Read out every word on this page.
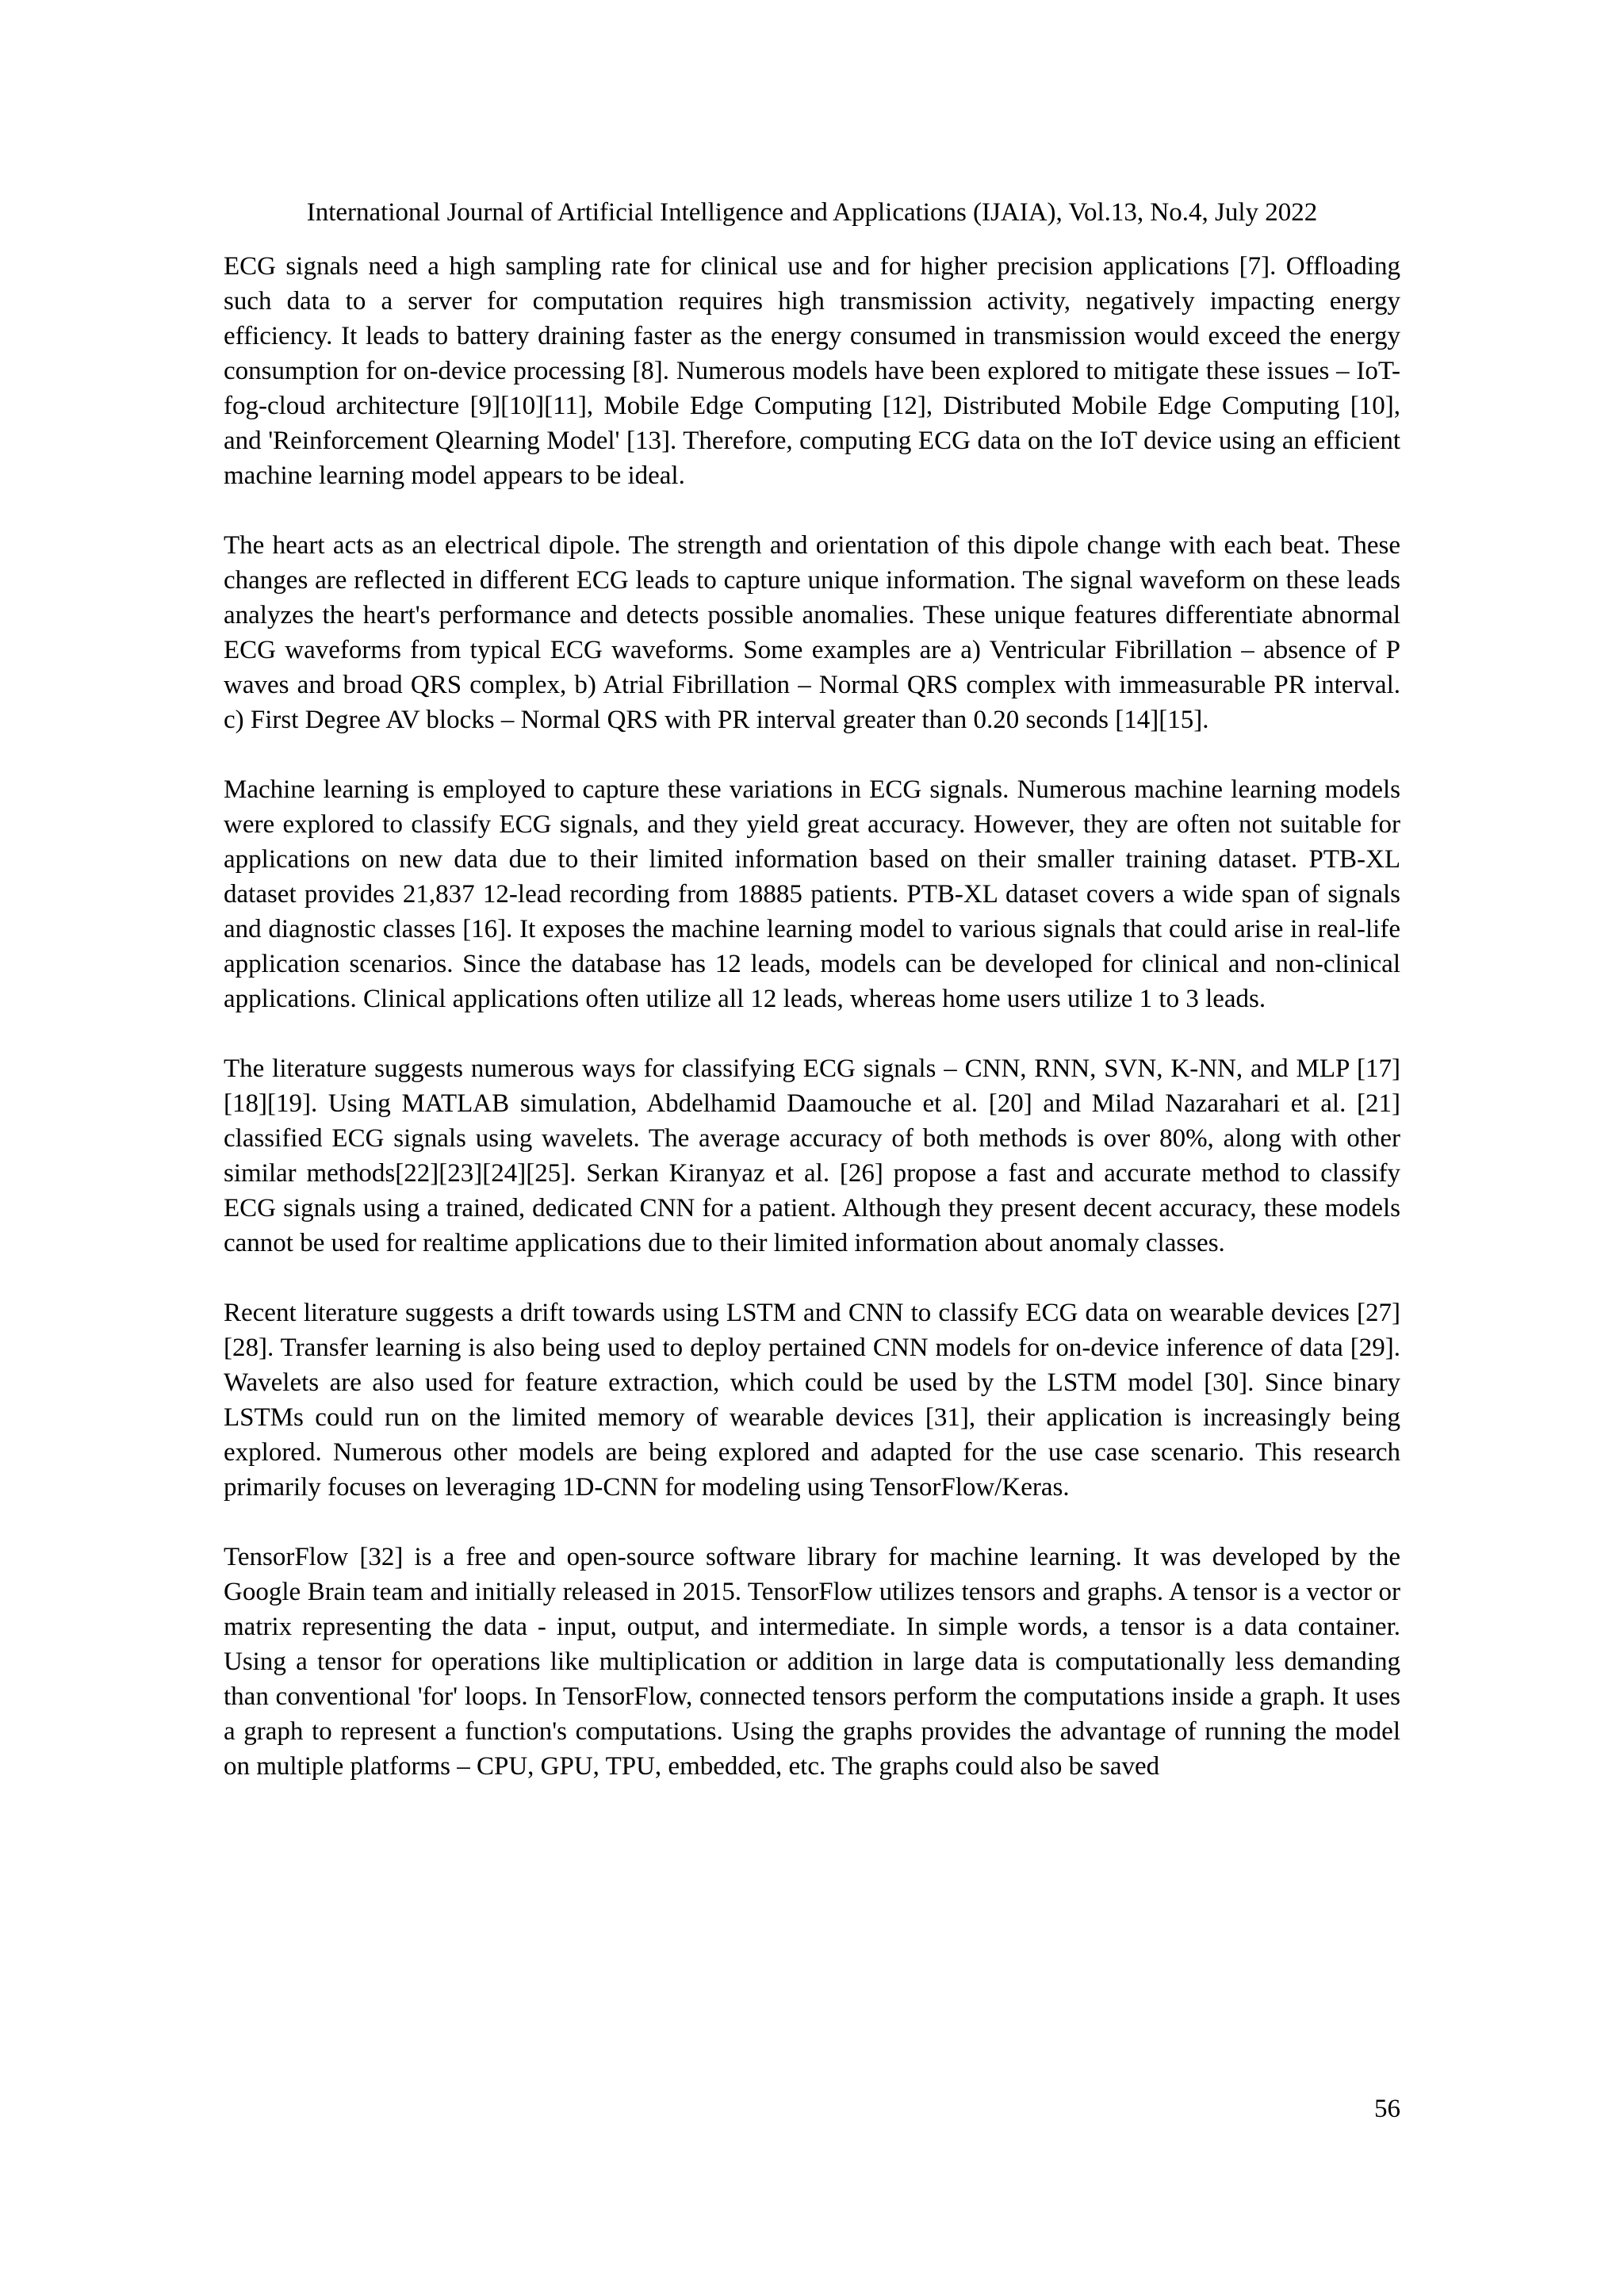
International Journal of Artificial Intelligence and Applications (IJAIA), Vol.13, No.4, July 2022

ECG signals need a high sampling rate for clinical use and for higher precision applications [7]. Offloading such data to a server for computation requires high transmission activity, negatively impacting energy efficiency. It leads to battery draining faster as the energy consumed in transmission would exceed the energy consumption for on-device processing [8]. Numerous models have been explored to mitigate these issues – IoT-fog-cloud architecture [9][10][11], Mobile Edge Computing [12], Distributed Mobile Edge Computing [10], and 'Reinforcement Qlearning Model' [13]. Therefore, computing ECG data on the IoT device using an efficient machine learning model appears to be ideal.

The heart acts as an electrical dipole. The strength and orientation of this dipole change with each beat. These changes are reflected in different ECG leads to capture unique information. The signal waveform on these leads analyzes the heart's performance and detects possible anomalies. These unique features differentiate abnormal ECG waveforms from typical ECG waveforms. Some examples are a) Ventricular Fibrillation – absence of P waves and broad QRS complex, b) Atrial Fibrillation – Normal QRS complex with immeasurable PR interval. c) First Degree AV blocks – Normal QRS with PR interval greater than 0.20 seconds [14][15].

Machine learning is employed to capture these variations in ECG signals. Numerous machine learning models were explored to classify ECG signals, and they yield great accuracy. However, they are often not suitable for applications on new data due to their limited information based on their smaller training dataset. PTB-XL dataset provides 21,837 12-lead recording from 18885 patients. PTB-XL dataset covers a wide span of signals and diagnostic classes [16]. It exposes the machine learning model to various signals that could arise in real-life application scenarios. Since the database has 12 leads, models can be developed for clinical and non-clinical applications. Clinical applications often utilize all 12 leads, whereas home users utilize 1 to 3 leads.

The literature suggests numerous ways for classifying ECG signals – CNN, RNN, SVN, K-NN, and MLP [17][18][19]. Using MATLAB simulation, Abdelhamid Daamouche et al. [20] and Milad Nazarahari et al. [21] classified ECG signals using wavelets. The average accuracy of both methods is over 80%, along with other similar methods[22][23][24][25]. Serkan Kiranyaz et al. [26] propose a fast and accurate method to classify ECG signals using a trained, dedicated CNN for a patient. Although they present decent accuracy, these models cannot be used for realtime applications due to their limited information about anomaly classes.

Recent literature suggests a drift towards using LSTM and CNN to classify ECG data on wearable devices [27][28]. Transfer learning is also being used to deploy pertained CNN models for on-device inference of data [29]. Wavelets are also used for feature extraction, which could be used by the LSTM model [30]. Since binary LSTMs could run on the limited memory of wearable devices [31], their application is increasingly being explored. Numerous other models are being explored and adapted for the use case scenario. This research primarily focuses on leveraging 1D-CNN for modeling using TensorFlow/Keras.

TensorFlow [32] is a free and open-source software library for machine learning. It was developed by the Google Brain team and initially released in 2015. TensorFlow utilizes tensors and graphs. A tensor is a vector or matrix representing the data - input, output, and intermediate. In simple words, a tensor is a data container. Using a tensor for operations like multiplication or addition in large data is computationally less demanding than conventional 'for' loops. In TensorFlow, connected tensors perform the computations inside a graph. It uses a graph to represent a function's computations. Using the graphs provides the advantage of running the model on multiple platforms – CPU, GPU, TPU, embedded, etc. The graphs could also be saved

56
